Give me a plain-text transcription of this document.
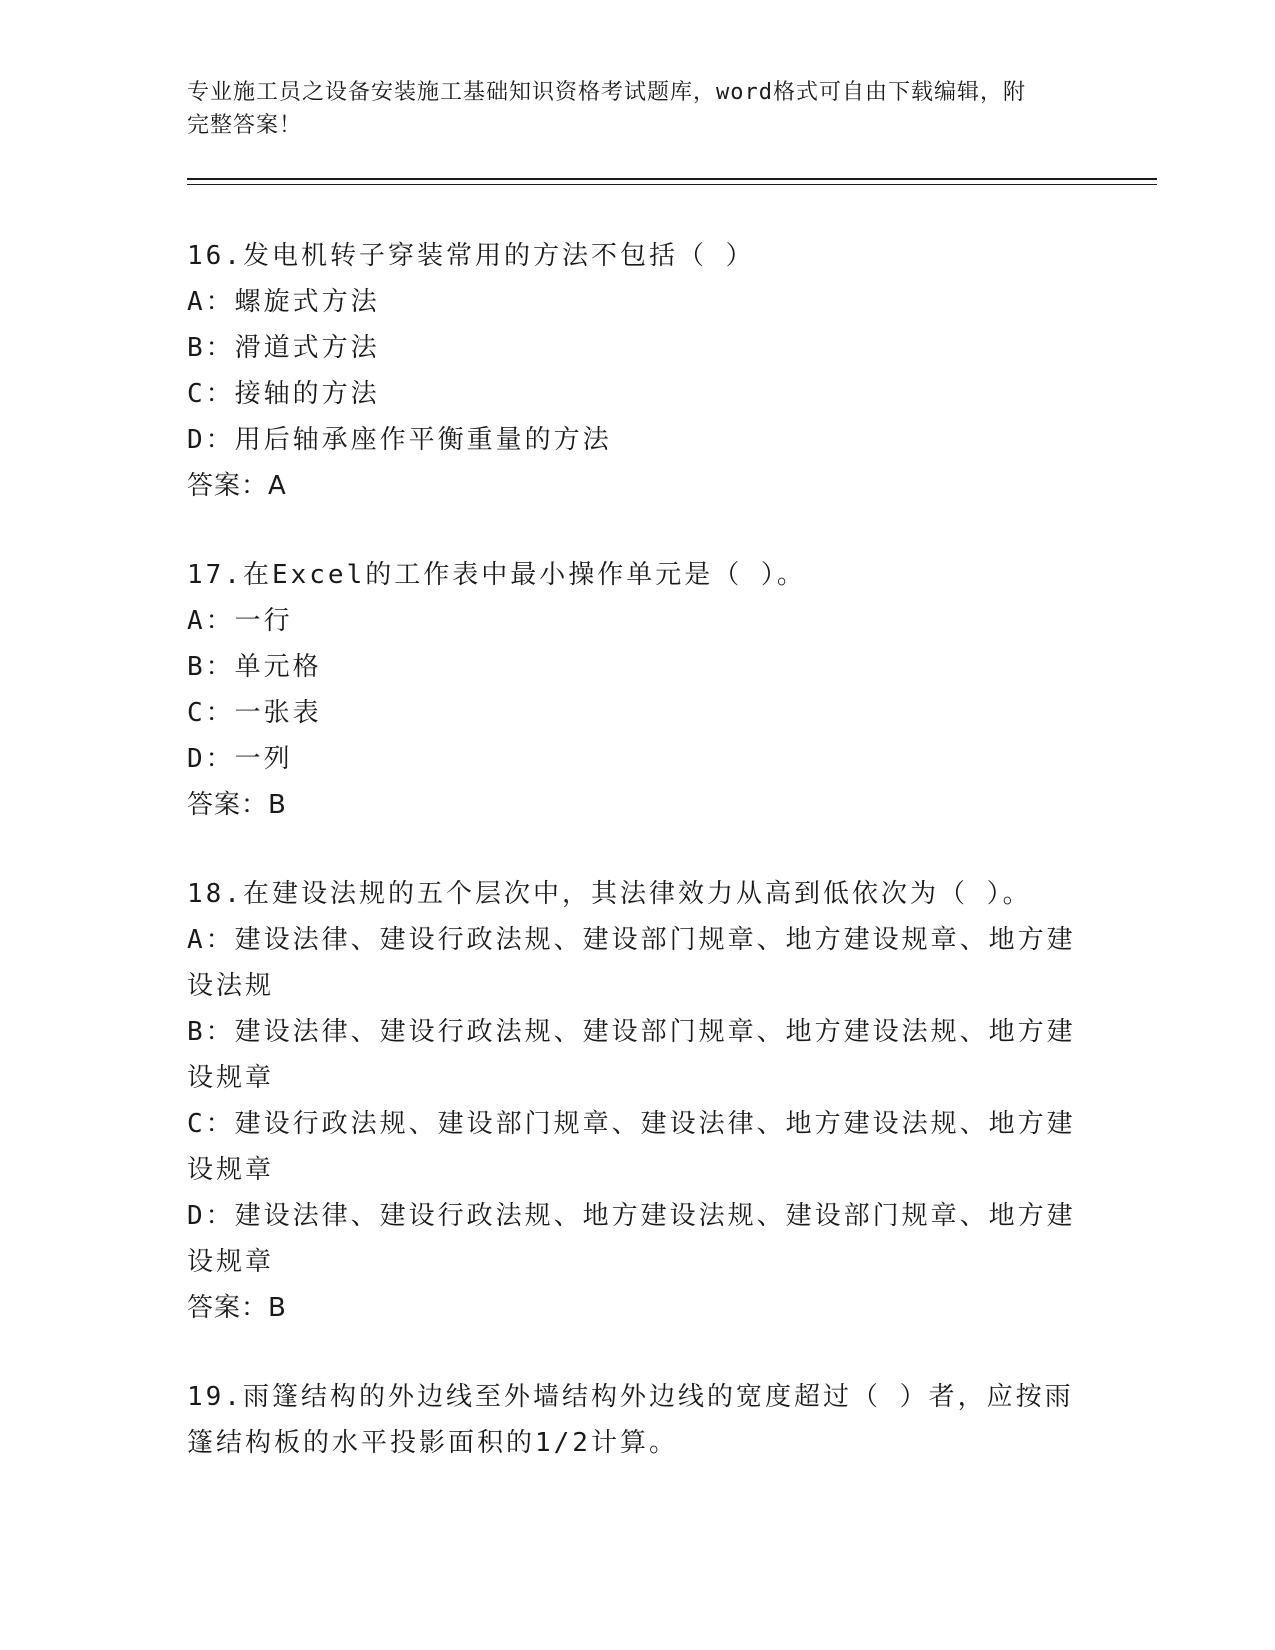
专业施工员之设备安装施工基础知识资格考试题库，word格式可自由下载编辑，附完整答案！
16.发电机转子穿装常用的方法不包括（ ）
A：螺旋式方法
B：滑道式方法
C：接轴的方法
D：用后轴承座作平衡重量的方法
答案：A
17.在Excel的工作表中最小操作单元是（ ）。
A：一行
B：单元格
C：一张表
D：一列
答案：B
18.在建设法规的五个层次中，其法律效力从高到低依次为（ ）。
A：建设法律、建设行政法规、建设部门规章、地方建设规章、地方建设法规
B：建设法律、建设行政法规、建设部门规章、地方建设法规、地方建设规章
C：建设行政法规、建设部门规章、建设法律、地方建设法规、地方建设规章
D：建设法律、建设行政法规、地方建设法规、建设部门规章、地方建设规章
答案：B
19.雨篷结构的外边线至外墙结构外边线的宽度超过（ ）者，应按雨篷结构板的水平投影面积的1/2计算。
